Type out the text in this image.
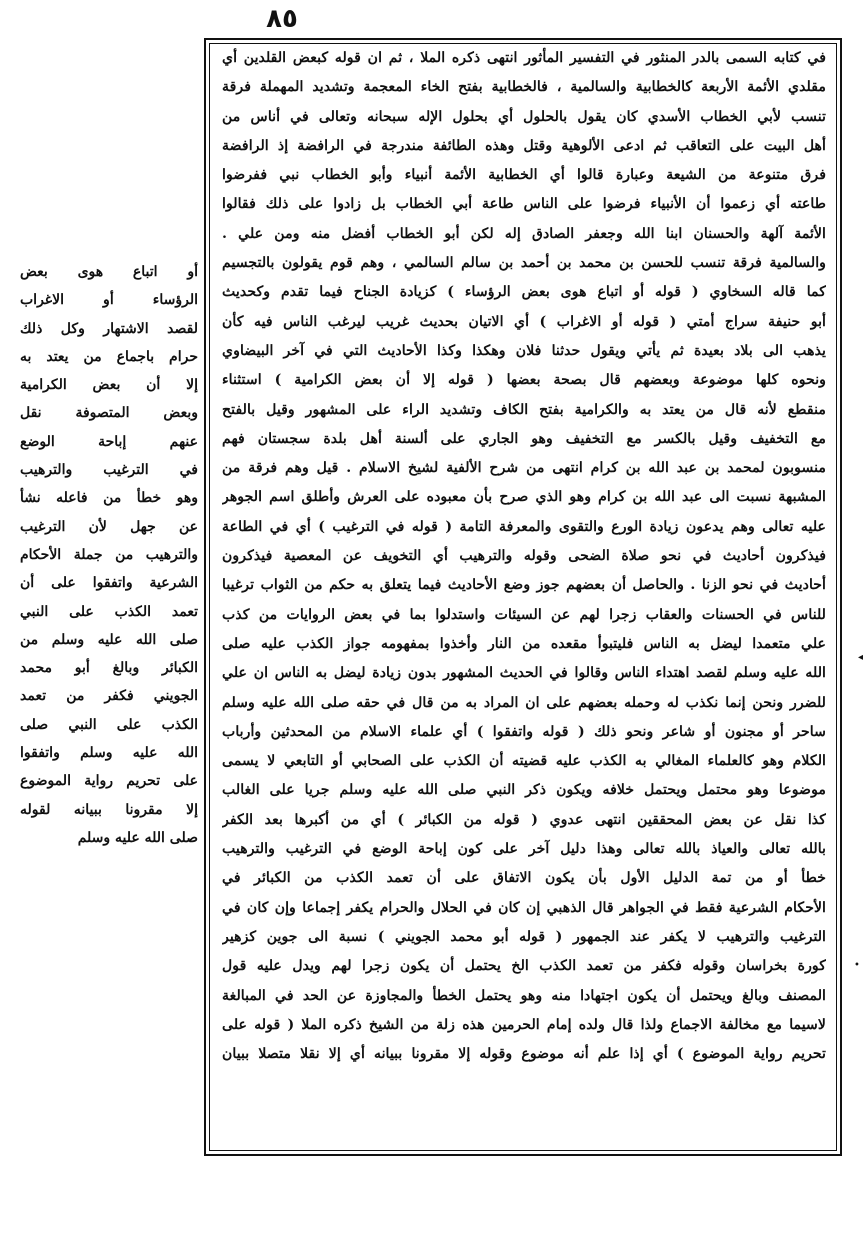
٨٥
في كتابه السمى بالدر المنثور في التفسير المأثور انتهى ذكره الملا ، ثم ان قوله كبعض القلدين أي
مقلدي الأئمة الأربعة كالخطابية والسالمية ، فالخطابية بفتح الخاء المعجمة وتشديد المهملة فرقة
تنسب لأبي الخطاب الأسدي كان يقول بالحلول أي بحلول الإله سبحانه وتعالى في أناس من
أهل البيت على التعاقب ثم ادعى الألوهية وقتل وهذه الطائفة مندرجة في الرافضة إذ الرافضة
فرق متنوعة من الشيعة وعبارة قالوا أي الخطابية الأئمة أنبياء وأبو الخطاب نبي ففرضوا
طاعته أي زعموا أن الأنبياء فرضوا على الناس طاعة أبي الخطاب بل زادوا على ذلك فقالوا
الأئمة آلهة والحسنان ابنا الله وجعفر الصادق إله لكن أبو الخطاب أفضل منه ومن علي .
والسالمية فرقة تنسب للحسن بن محمد بن أحمد بن سالم السالمي ، وهم قوم يقولون بالتجسيم
كما قاله السخاوي ( قوله أو اتباع هوى بعض الرؤساء ) كزيادة الجناح فيما تقدم وكحديث
أبو حنيفة سراج أمتي ( قوله أو الاغراب ) أي الاتيان بحديث غريب ليرغب الناس فيه كأن
يذهب الى بلاد بعيدة ثم يأتي ويقول حدثنا فلان وهكذا وكذا الأحاديث التي في آخر البيضاوي
ونحوه كلها موضوعة وبعضهم قال بصحة بعضها ( قوله إلا أن بعض الكرامية ) استثناء
منقطع لأنه قال من يعتد به والكرامية بفتح الكاف وتشديد الراء على المشهور وقيل بالفتح
مع التخفيف وقيل بالكسر مع التخفيف وهو الجاري على ألسنة أهل بلدة سجستان فهم
منسوبون لمحمد بن عبد الله بن كرام انتهى من شرح الألفية لشيخ الاسلام . قيل وهم فرقة من
المشبهة نسبت الى عبد الله بن كرام وهو الذي صرح بأن معبوده على العرش وأطلق اسم الجوهر
عليه تعالى وهم يدعون زيادة الورع والتقوى والمعرفة التامة ( قوله في الترغيب ) أي في الطاعة
فيذكرون أحاديث في نحو صلاة الضحى وقوله والترهيب أي التخويف عن المعصية فيذكرون
أحاديث في نحو الزنا . والحاصل أن بعضهم جوز وضع الأحاديث فيما يتعلق به حكم من الثواب ترغيبا
للناس في الحسنات والعقاب زجرا لهم عن السيئات واستدلوا بما في بعض الروايات من كذب
علي متعمدا ليضل به الناس فليتبوأ مقعده من النار وأخذوا بمفهومه جواز الكذب عليه صلى
الله عليه وسلم لقصد اهتداء الناس وقالوا في الحديث المشهور بدون زيادة ليضل به الناس ان علي
للضرر ونحن إنما نكذب له وحمله بعضهم على ان المراد به من قال في حقه صلى الله عليه وسلم
ساحر أو مجنون أو شاعر ونحو ذلك ( قوله واتفقوا ) أي علماء الاسلام من المحدثين وأرباب
الكلام وهو كالعلماء المغالي به الكذب عليه قضيته أن الكذب على الصحابي أو التابعي لا يسمى
موضوعا وهو محتمل ويحتمل خلافه ويكون ذكر النبي صلى الله عليه وسلم جريا على الغالب
كذا نقل عن بعض المحققين انتهى عدوي ( قوله من الكبائر ) أي من أكبرها بعد الكفر
بالله تعالى والعياذ بالله تعالى وهذا دليل آخر على كون إباحة الوضع في الترغيب والترهيب
خطأ أو من تمة الدليل الأول بأن يكون الاتفاق على أن تعمد الكذب من الكبائر في
الأحكام الشرعية فقط في الجواهر قال الذهبي إن كان في الحلال والحرام يكفر إجماعا وإن كان في
الترغيب والترهيب لا يكفر عند الجمهور ( قوله أبو محمد الجويني ) نسبة الى جوين كزهير
كورة بخراسان وقوله فكفر من تعمد الكذب الخ يحتمل أن يكون زجرا لهم ويدل عليه قول
المصنف وبالغ ويحتمل أن يكون اجتهادا منه وهو يحتمل الخطأ والمجاوزة عن الحد في المبالغة
لاسيما مع مخالفة الاجماع ولذا قال ولده إمام الحرمين هذه زلة من الشيخ ذكره الملا ( قوله على
تحريم رواية الموضوع ) أي إذا علم أنه موضوع وقوله إلا مقرونا ببيانه أي إلا نقلا متصلا ببيان
أو اتباع هوى بعض
الرؤساء أو الاغراب
لقصد الاشتهار وكل ذلك
حرام باجماع من يعتد به
إلا أن بعض الكرامية
وبعض المتصوفة نقل
عنهم إباحة الوضع
في الترغيب والترهيب
وهو خطأ من فاعله نشأ
عن جهل لأن الترغيب
والترهيب من جملة الأحكام
الشرعية واتفقوا على أن
تعمد الكذب على النبي
صلى الله عليه وسلم من
الكبائر وبالغ أبو محمد
الجويني فكفر من تعمد
الكذب على النبي صلى
الله عليه وسلم واتفقوا
على تحريم رواية الموضوع
إلا مقرونا ببيانه لقوله
صلى الله عليه وسلم
◂
•
